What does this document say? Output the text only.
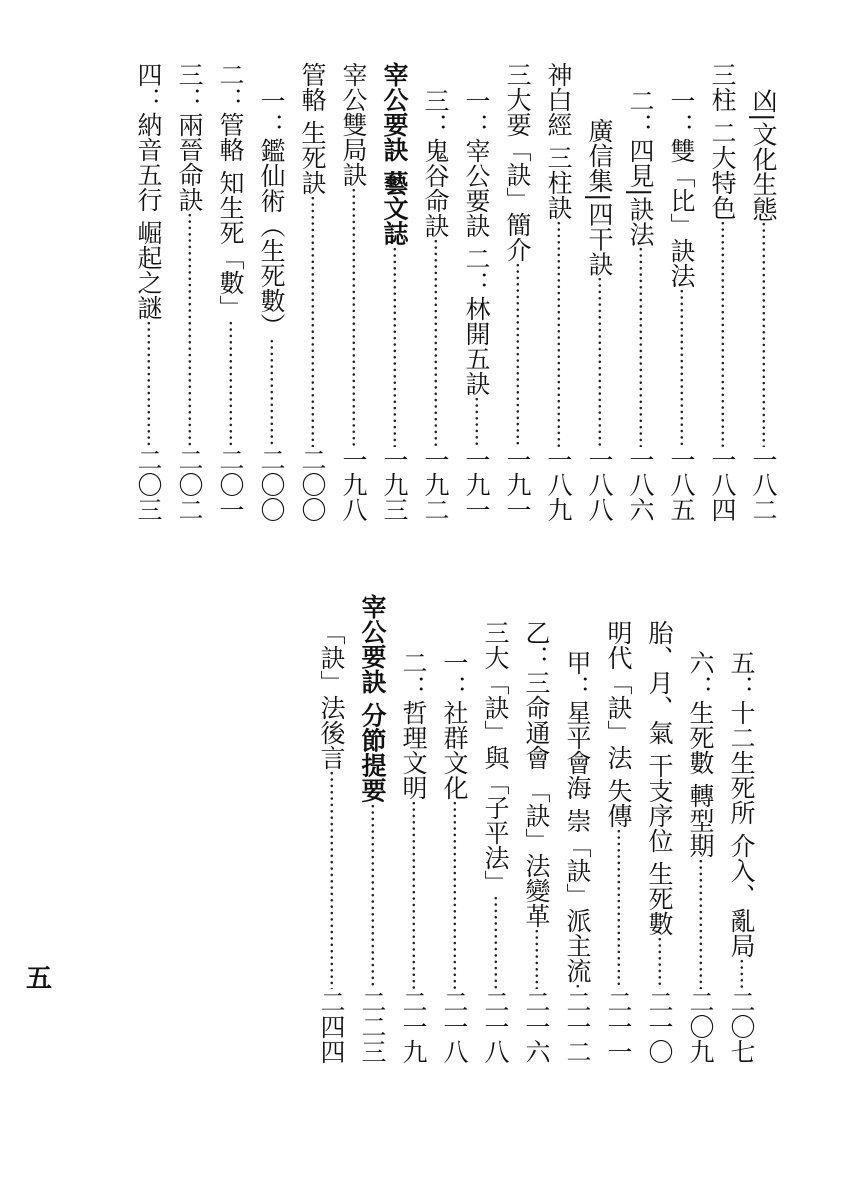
凶|文化生態
·····
一八二
三柱 二大特色
·····
一八四
一：雙「比」訣法
·····
一八五
二：四見|訣法
·····
一八六
廣信集|四干訣
·····
一八八
神白經 三柱訣
·····
一八九
三大要「訣」簡介
·····
一九一
一：宰公要訣 二：林開五訣
·····
一九一
三：鬼谷命訣
·····
一九二
宰公要訣 藝文誌
·····
一九三
宰公雙局訣
·····
一九八
管輅 生死訣
·····
二〇〇
一：鑑仙術（生死數）
·····
二〇〇
二：管輅 知生死「數」
·····
二〇一
三：兩晉命訣
·····
二〇二
四：納音五行 崛起之謎
·····
二〇三
五：十二生死所 介入、亂局
·····
二〇七
六：生死數 轉型期
·····
二〇九
胎、月、氣 干支序位 生死數
·····
二一〇
明代「訣」法 失傳
·····
二一一
甲：星平會海 崇「訣」派主流
·····
二一二
乙：三命通會 「訣」法變革
·····
二一六
三大「訣」與「子平法」
·····
二一八
一：社群文化
·····
二一八
二：哲理文明
·····
二一九
宰公要訣 分節提要
·····
二二三
「訣」法後言
·····
二四四
五
